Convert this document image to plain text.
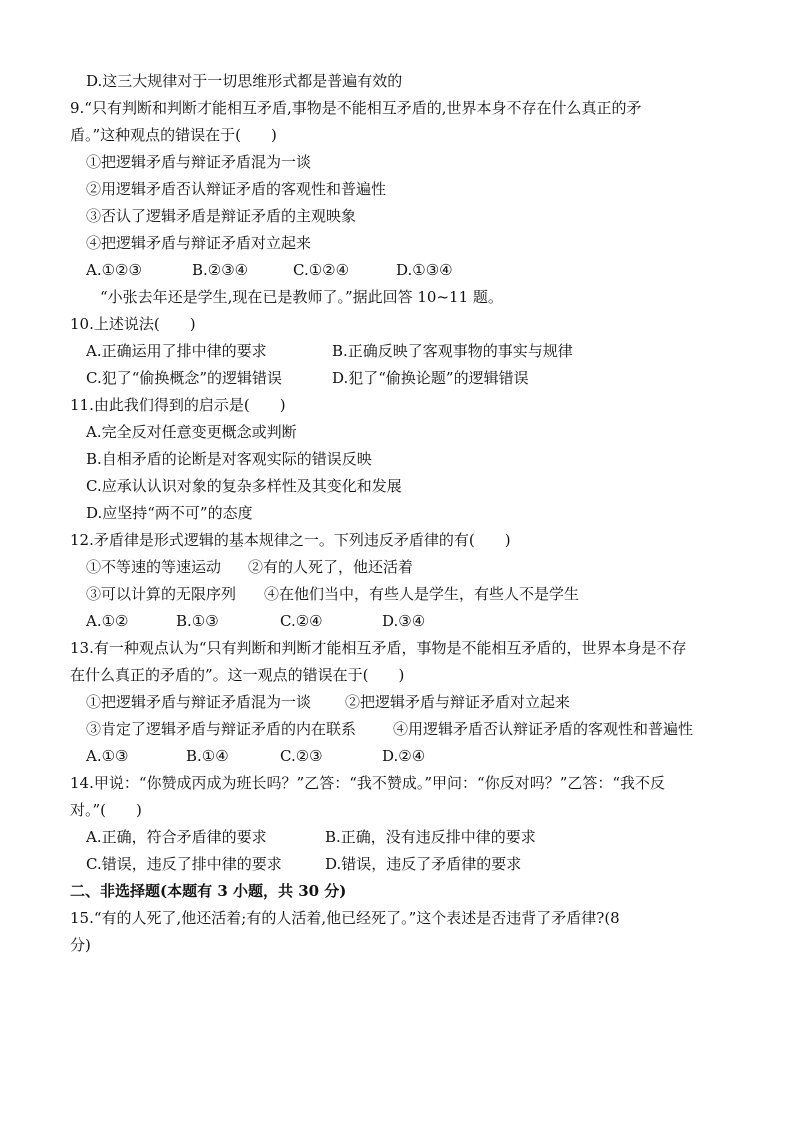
D.这三大规律对于一切思维形式都是普遍有效的
9.“只有判断和判断才能相互矛盾,事物是不能相互矛盾的,世界本身不存在什么真正的矛
盾。”这种观点的错误在于(　　)
①把逻辑矛盾与辩证矛盾混为一谈
②用逻辑矛盾否认辩证矛盾的客观性和普遍性
③否认了逻辑矛盾是辩证矛盾的主观映象
④把逻辑矛盾与辩证矛盾对立起来
A.①②③	B.②③④	C.①②④	D.①③④
“小张去年还是学生,现在已是教师了。”据此回答 10~11 题。
10.上述说法(　　)
A.正确运用了排中律的要求	B.正确反映了客观事物的事实与规律
C.犯了“偷换概念”的逻辑错误	D.犯了“偷换论题”的逻辑错误
11.由此我们得到的启示是(　　)
A.完全反对任意变更概念或判断
B.自相矛盾的论断是对客观实际的错误反映
C.应承认认识对象的复杂多样性及其变化和发展
D.应坚持“两不可”的态度
12.矛盾律是形式逻辑的基本规律之一。下列违反矛盾律的有(　　)
①不等速的等速运动 ②有的人死了，他还活着
③可以计算的无限序列 ④在他们当中，有些人是学生，有些人不是学生
A.①②	B.①③	C.②④	D.③④
13.有一种观点认为“只有判断和判断才能相互矛盾，事物是不能相互矛盾的，世界本身是不存
在什么真正的矛盾的”。这一观点的错误在于(　　)
①把逻辑矛盾与辩证矛盾混为一谈 ②把逻辑矛盾与辩证矛盾对立起来
③肯定了逻辑矛盾与辩证矛盾的内在联系 ④用逻辑矛盾否认辩证矛盾的客观性和普遍性
A.①③	B.①④	C.②③	D.②④
14.甲说：“你赞成丙成为班长吗？”乙答：“我不赞成。”甲问：“你反对吗？”乙答：“我不反
对。”(　　)
A.正确，符合矛盾律的要求	B.正确，没有违反排中律的要求
C.错误，违反了排中律的要求	D.错误，违反了矛盾律的要求
二、非选择题(本题有 3 小题，共 30 分)
15.“有的人死了,他还活着;有的人活着,他已经死了。”这个表述是否违背了矛盾律?(8
分)
